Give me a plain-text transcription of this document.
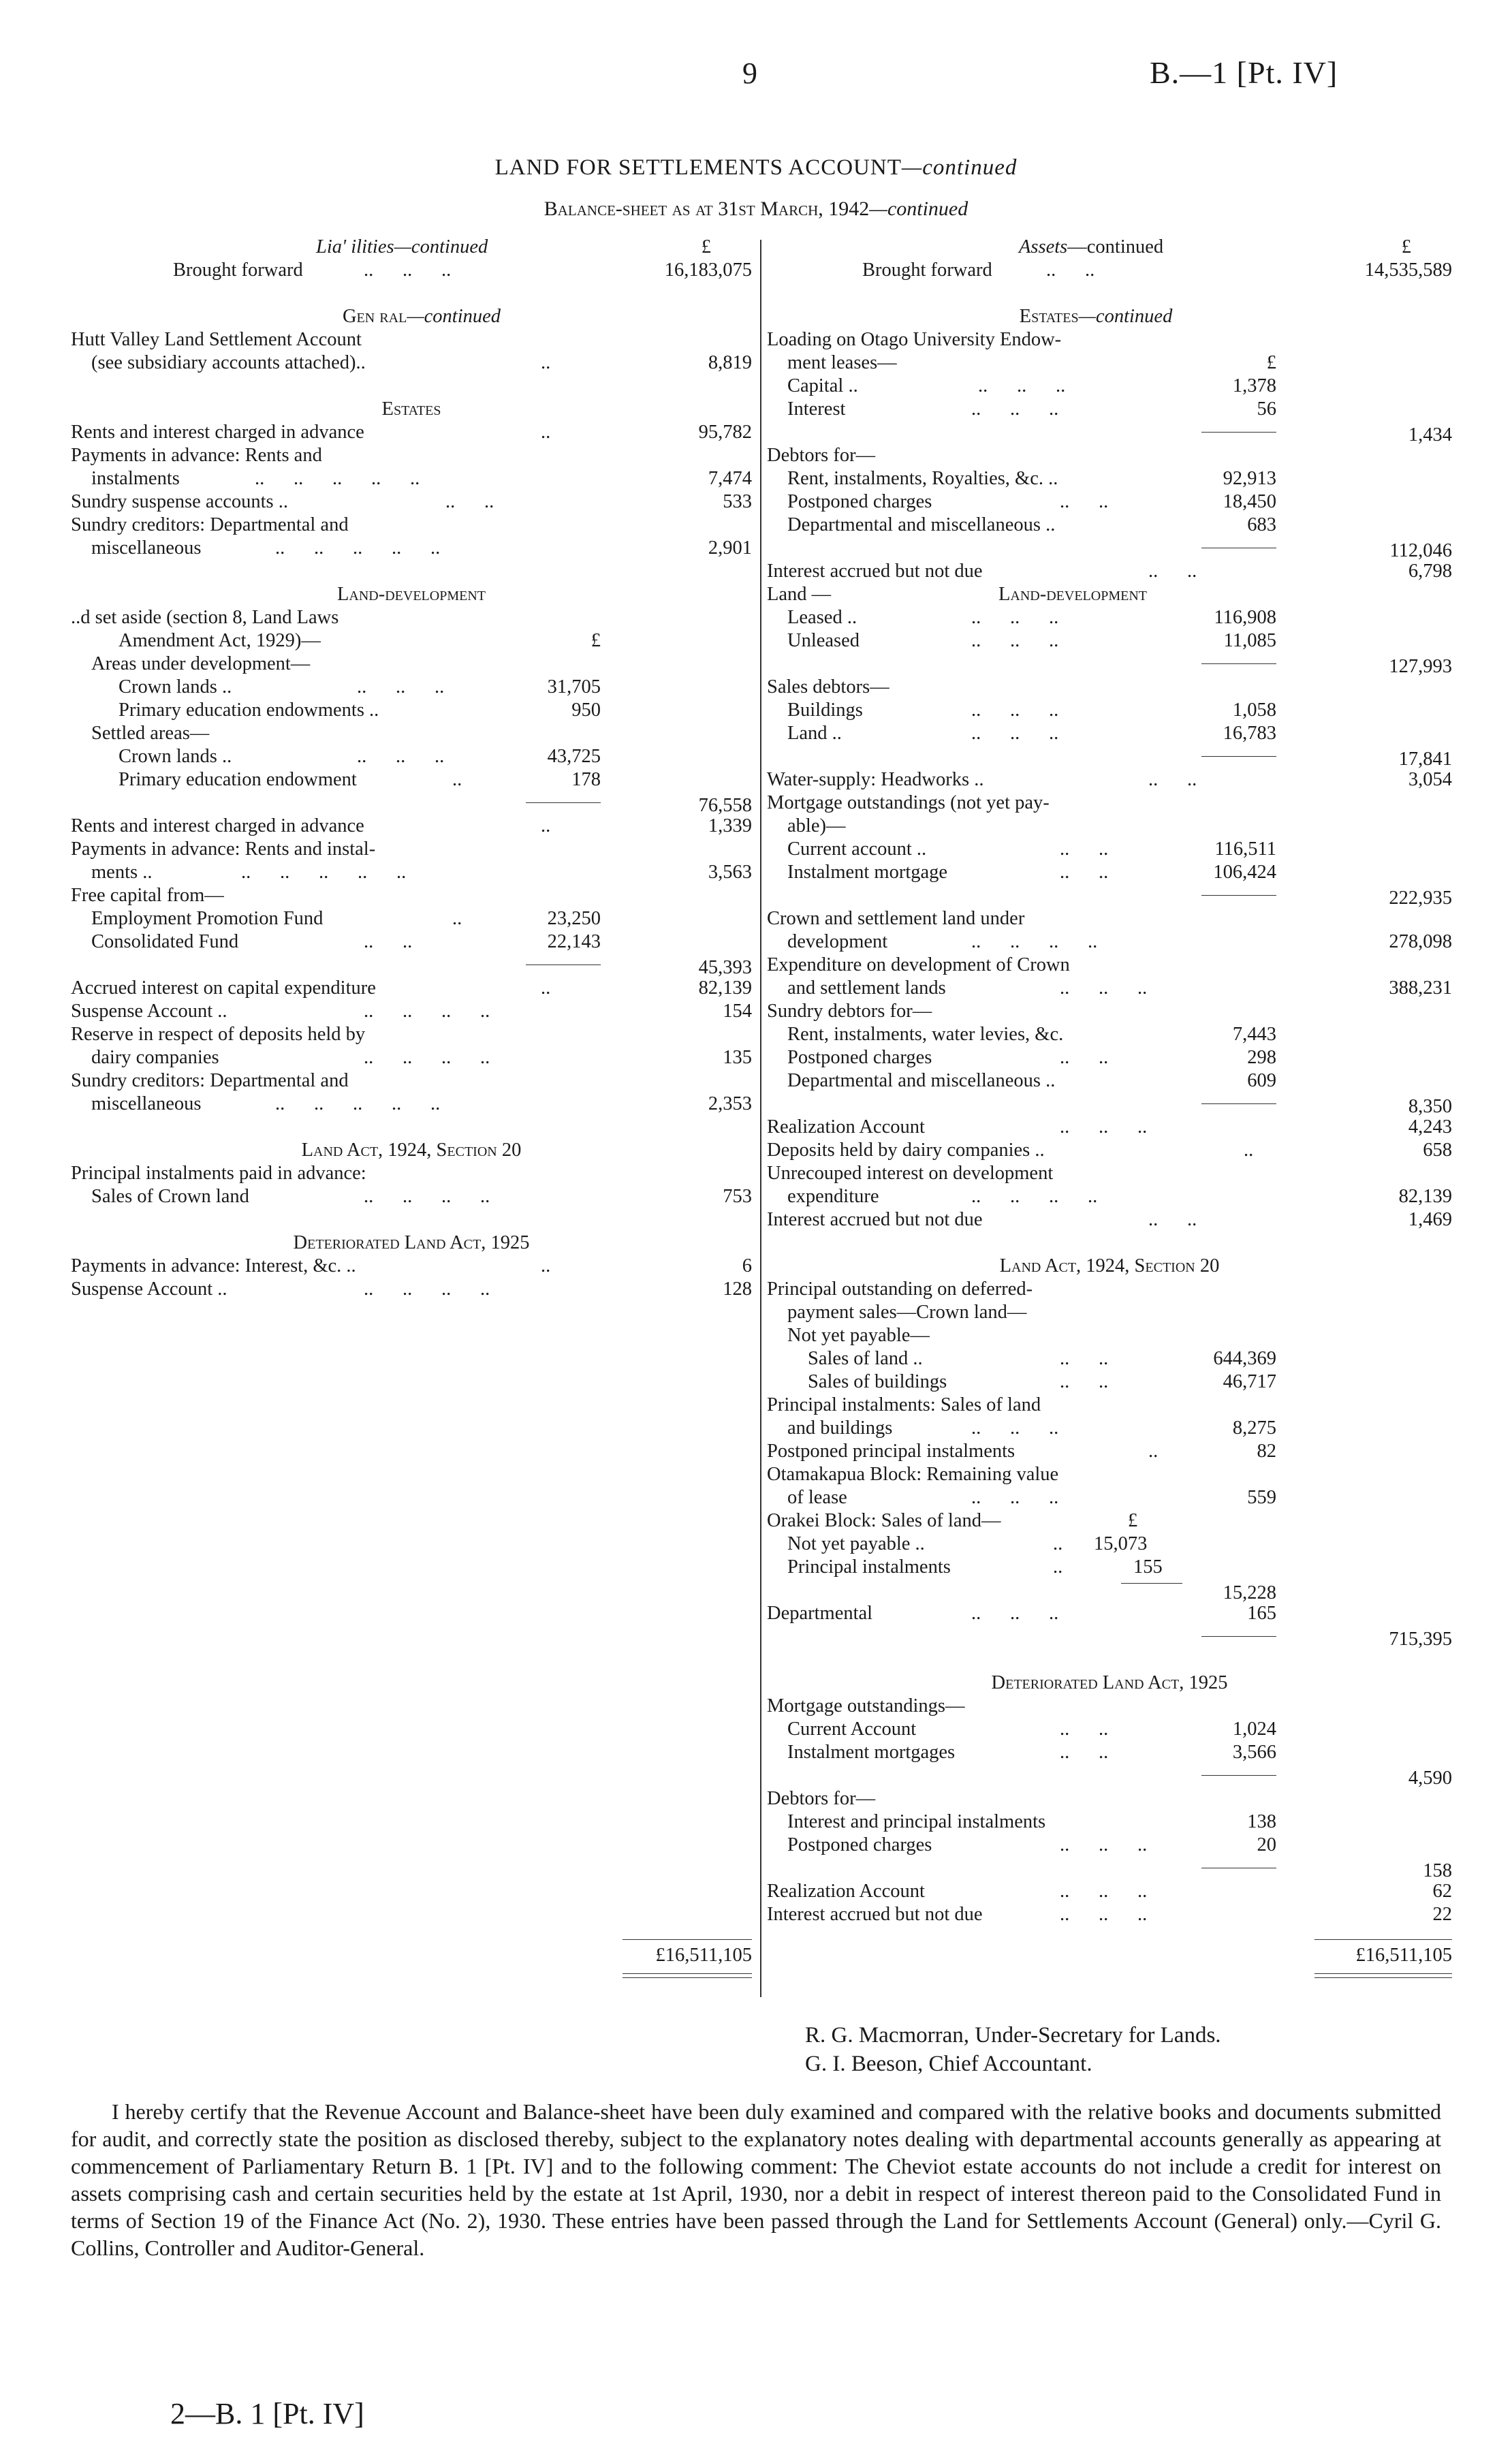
9	B.—1 [Pt. IV]
LAND FOR SETTLEMENTS ACCOUNT—continued
Balance-sheet as at 31st March, 1942—continued
Lia' ilities—continued	£
Brought forward	..      ..      ..	16,183,075
Gen ral—continued
Hutt Valley Land Settlement Account
(see subsidiary accounts attached)..	..	8,819
Estates
Rents and interest charged in advance	..	95,782
Payments in advance: Rents and
instalments	..      ..      ..      ..      ..	7,474
Sundry suspense accounts ..	..      ..	533
Sundry creditors: Departmental and
miscellaneous	..      ..      ..      ..      ..	2,901
Land-development
..d set aside (section 8, Land Laws
Amendment Act, 1929)—	£
Areas under development—
Crown lands ..	..      ..      ..	31,705
Primary education endowments ..	950
Settled areas—
Crown lands ..	..      ..      ..	43,725
Primary education endowment	..	178
76,558
Rents and interest charged in advance	..	1,339
Payments in advance: Rents and instal-
ments ..	..      ..      ..      ..      ..	3,563
Free capital from—
Employment Promotion Fund	..	23,250
Consolidated Fund	..      ..	22,143
45,393
Accrued interest on capital expenditure	..	82,139
Suspense Account ..	..      ..      ..      ..	154
Reserve in respect of deposits held by
dairy companies	..      ..      ..      ..	135
Sundry creditors: Departmental and
miscellaneous	..      ..      ..      ..      ..	2,353
Land Act, 1924, Section 20
Principal instalments paid in advance:
Sales of Crown land	..      ..      ..      ..	753
Deteriorated Land Act, 1925
Payments in advance: Interest, &c. ..	..	6
Suspense Account ..	..      ..      ..      ..	128
£16,511,105
Assets—continued	£
Brought forward	..      ..	14,535,589
Estates—continued
Loading on Otago University Endow-
ment leases—	£
Capital ..	..      ..      ..	1,378
Interest	..      ..      ..	56
1,434
Debtors for—
Rent, instalments, Royalties, &c. ..	92,913
Postponed charges	..      ..	18,450
Departmental and miscellaneous ..	683
112,046
Interest accrued but not due	..      ..	6,798
Land —	Land-development
Leased ..	..      ..      ..	116,908
Unleased	..      ..      ..	11,085
127,993
Sales debtors—
Buildings	..      ..      ..	1,058
Land ..	..      ..      ..	16,783
17,841
Water-supply: Headworks ..	..      ..	3,054
Mortgage outstandings (not yet pay-
able)—
Current account ..	..      ..	116,511
Instalment mortgage	..      ..	106,424
222,935
Crown and settlement land under
development	..      ..      ..      ..	278,098
Expenditure on development of Crown
and settlement lands	..      ..      ..	388,231
Sundry debtors for—
Rent, instalments, water levies, &c.	7,443
Postponed charges	..      ..	298
Departmental and miscellaneous ..	609
8,350
Realization Account	..      ..      ..	4,243
Deposits held by dairy companies ..	..	658
Unrecouped interest on development
expenditure	..      ..      ..      ..	82,139
Interest accrued but not due	..      ..	1,469
Land Act, 1924, Section 20
Principal outstanding on deferred-
payment sales—Crown land—
Not yet payable—
Sales of land ..	..      ..	644,369
Sales of buildings	..      ..	46,717
Principal instalments: Sales of land
and buildings	..      ..      ..	8,275
Postponed principal instalments	..	82
Otamakapua Block: Remaining value
of lease	..      ..      ..	559
Orakei Block: Sales of land—	£
Not yet payable ..	.. 15,073
Principal instalments	..	155
15,228
Departmental	..      ..      ..	165
715,395
Deteriorated Land Act, 1925
Mortgage outstandings—
Current Account	..      ..	1,024
Instalment mortgages	..      ..	3,566
4,590
Debtors for—
Interest and principal instalments	138
Postponed charges	..      ..      ..	20
158
Realization Account	..      ..      ..	62
Interest accrued but not due	..      ..      ..	22
£16,511,105
R. G. Macmorran, Under-Secretary for Lands.
G. I. Beeson, Chief Accountant.
I hereby certify that the Revenue Account and Balance-sheet have been duly examined and compared with the relative books and documents submitted for audit, and correctly state the position as disclosed thereby, subject to the explanatory notes dealing with departmental accounts generally as appearing at commencement of Parliamentary Return B. 1 [Pt. IV] and to the following comment: The Cheviot estate accounts do not include a credit for interest on assets comprising cash and certain securities held by the estate at 1st April, 1930, nor a debit in respect of interest thereon paid to the Consolidated Fund in terms of Section 19 of the Finance Act (No. 2), 1930. These entries have been passed through the Land for Settlements Account (General) only.—Cyril G. Collins, Controller and Auditor-General.
2—B. 1 [Pt. IV]
